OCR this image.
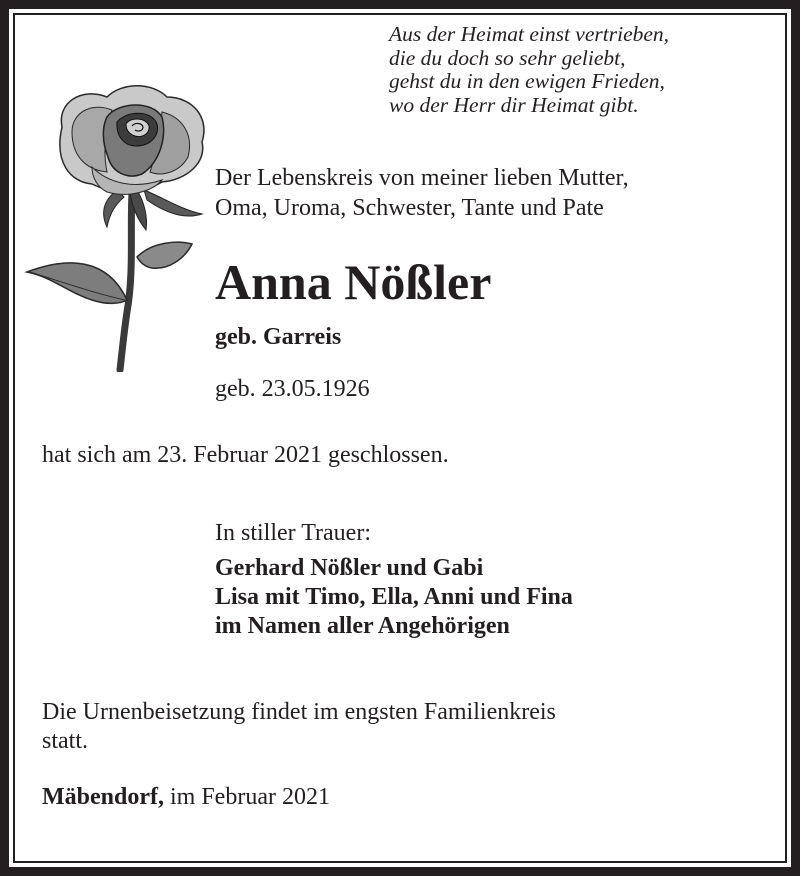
Aus der Heimat einst vertrieben,
die du doch so sehr geliebt,
gehst du in den ewigen Frieden,
wo der Herr dir Heimat gibt.
Der Lebenskreis von meiner lieben Mutter,
Oma, Uroma, Schwester, Tante und Pate
Anna Nößler
geb. Garreis
geb. 23.05.1926
hat sich am 23. Februar 2021 geschlossen.
In stiller Trauer:
Gerhard Nößler und Gabi
Lisa mit Timo, Ella, Anni und Fina
im Namen aller Angehörigen
Die Urnenbeisetzung findet im engsten Familienkreis
statt.
Mäbendorf, im Februar 2021
